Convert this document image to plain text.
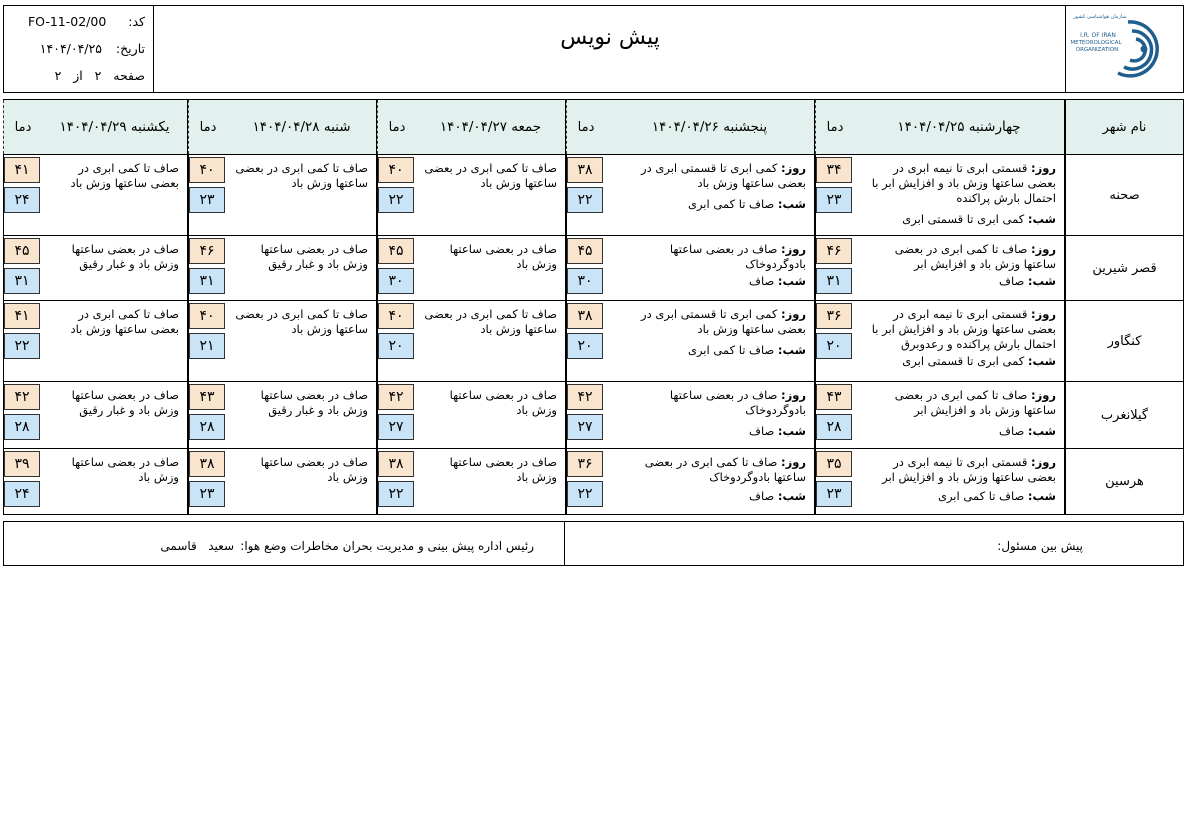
کد:  FO-11-02/00
تاریخ:  ۱۴۰۴/۰۴/۲۵
صفحه   ۲   از   ۲
پیش نویس
سازمان هواشناسی کشور
I.R. OF IRAN
METEOROLOGICAL
ORGANIZATION
نام شهر
چهارشنبه ۱۴۰۴/۰۴/۲۵
دما
پنجشنبه ۱۴۰۴/۰۴/۲۶
دما
جمعه ۱۴۰۴/۰۴/۲۷
دما
شنبه ۱۴۰۴/۰۴/۲۸
دما
یکشنبه ۱۴۰۴/۰۴/۲۹
دما
صحنه
روز: قسمتی ابری تا نیمه ابری در بعضی ساعتها وزش باد و افزایش ابر با احتمال بارش پراکنده
شب: کمی ابری تا قسمتی ابری
۳۴
۲۳
روز: کمی ابری تا قسمتی ابری در بعضی ساعتها وزش باد
شب: صاف تا کمی ابری
۳۸
۲۲
صاف تا کمی ابری در بعضی ساعتها وزش باد
۴۰
۲۲
صاف تا کمی ابری در بعضی ساعتها وزش باد
۴۰
۲۳
صاف تا کمی ابری در بعضی ساعتها وزش باد
۴۱
۲۴
قصر شیرین
روز: صاف تا کمی ابری در بعضی ساعتها وزش باد و افزایش ابر
شب: صاف
۴۶
۳۱
روز: صاف در بعضی ساعتها بادوگردوخاک
شب: صاف
۴۵
۳۰
صاف در بعضی ساعتها وزش باد
۴۵
۳۰
صاف در بعضی ساعتها وزش باد و غبار رقیق
۴۶
۳۱
صاف در بعضی ساعتها وزش باد و غبار رقیق
۴۵
۳۱
کنگاور
روز: قسمتی ابری تا نیمه ابری در بعضی ساعتها وزش باد و افزایش ابر با احتمال بارش پراکنده و رعدوبرق
شب: کمی ابری تا قسمتی ابری
۳۶
۲۰
روز: کمی ابری تا قسمتی ابری در بعضی ساعتها وزش باد
شب: صاف تا کمی ابری
۳۸
۲۰
صاف تا کمی ابری در بعضی ساعتها وزش باد
۴۰
۲۰
صاف تا کمی ابری در بعضی ساعتها وزش باد
۴۰
۲۱
صاف تا کمی ابری در بعضی ساعتها وزش باد
۴۱
۲۲
گیلانغرب
روز: صاف تا کمی ابری در بعضی ساعتها وزش باد و افزایش ابر
شب: صاف
۴۳
۲۸
روز: صاف در بعضی ساعتها بادوگردوخاک
شب: صاف
۴۲
۲۷
صاف در بعضی ساعتها وزش باد
۴۲
۲۷
صاف در بعضی ساعتها وزش باد و غبار رقیق
۴۳
۲۸
صاف در بعضی ساعتها وزش باد و غبار رقیق
۴۲
۲۸
هرسین
روز: قسمتی ابری تا نیمه ابری در بعضی ساعتها وزش باد و افزایش ابر
شب: صاف تا کمی ابری
۳۵
۲۳
روز: صاف تا کمی ابری در بعضی ساعتها بادوگردوخاک
شب: صاف
۳۶
۲۲
صاف در بعضی ساعتها وزش باد
۳۸
۲۲
صاف در بعضی ساعتها وزش باد
۳۸
۲۳
صاف در بعضی ساعتها وزش باد
۳۹
۲۴
پیش بین مسئول:
رئیس اداره پیش بینی و مدیریت بحران مخاطرات وضع هوا:
سعید   قاسمی
